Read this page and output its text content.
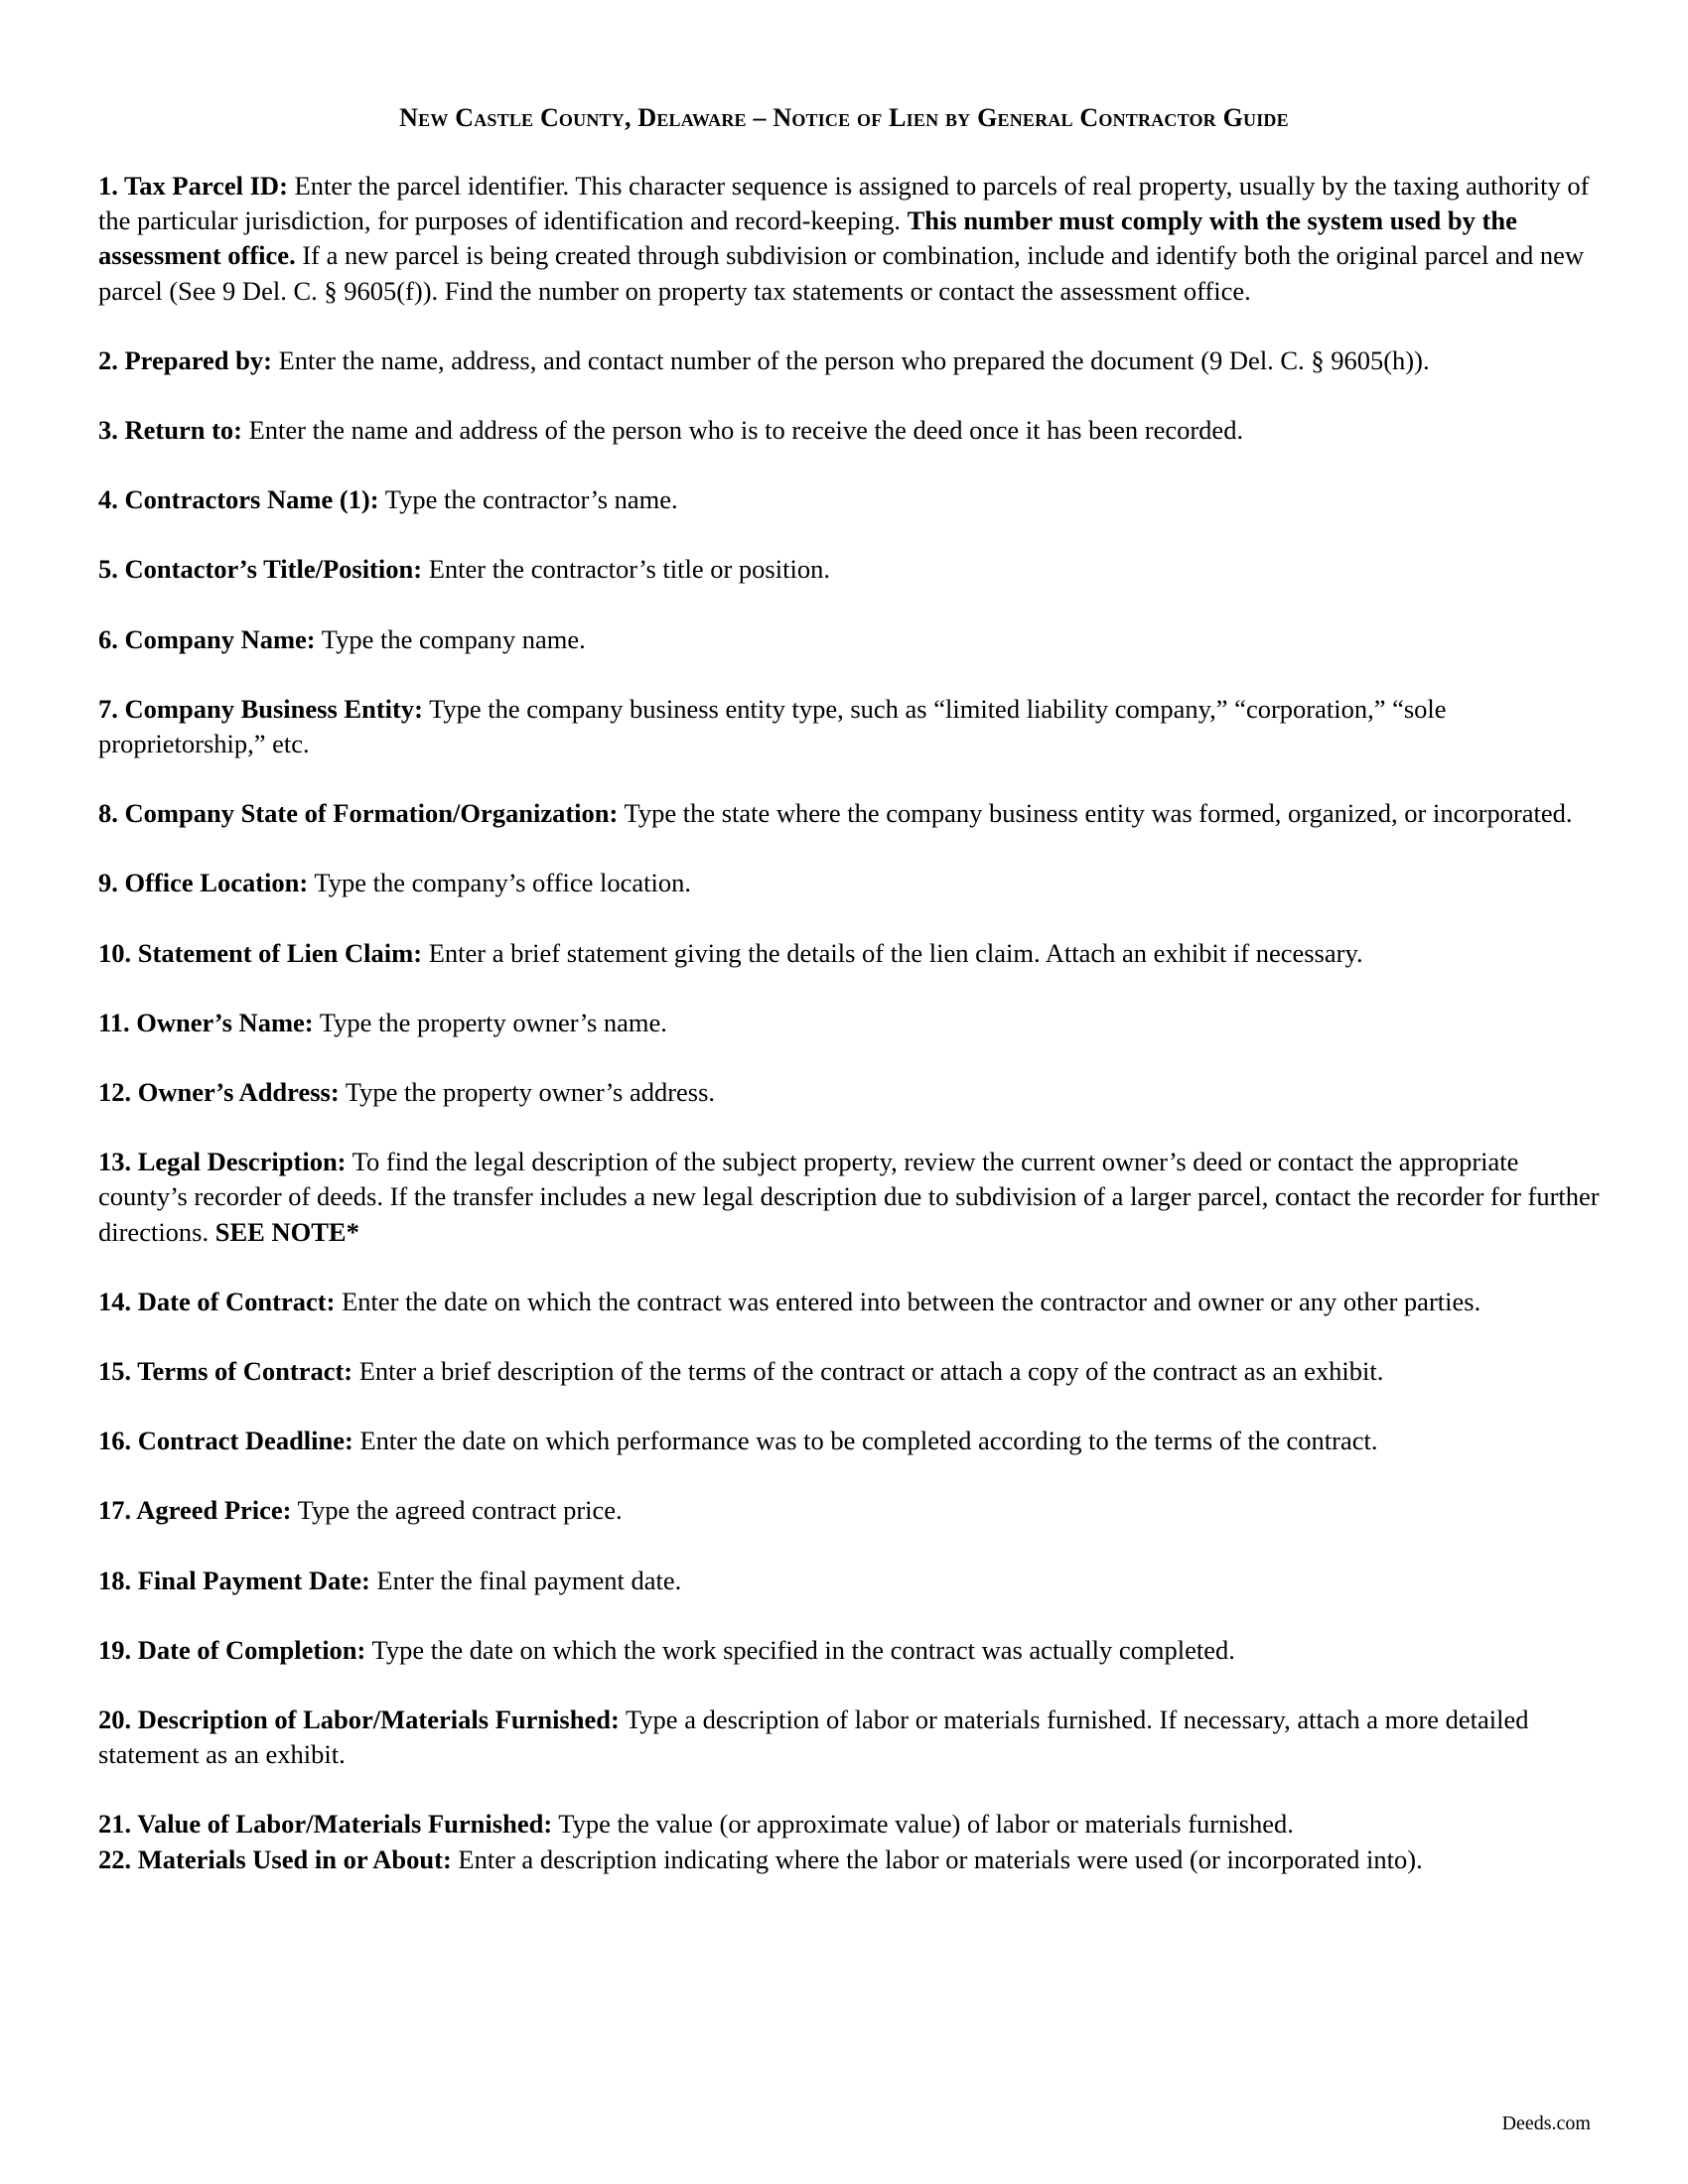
New Castle County, Delaware – Notice of Lien by General Contractor Guide

1. Tax Parcel ID: Enter the parcel identifier. This character sequence is assigned to parcels of real property, usually by the taxing authority of the particular jurisdiction, for purposes of identification and record-keeping. This number must comply with the system used by the assessment office. If a new parcel is being created through subdivision or combination, include and identify both the original parcel and new parcel (See 9 Del. C. § 9605(f)). Find the number on property tax statements or contact the assessment office.

2. Prepared by: Enter the name, address, and contact number of the person who prepared the document (9 Del. C. § 9605(h)).

3. Return to: Enter the name and address of the person who is to receive the deed once it has been recorded.

4. Contractors Name (1): Type the contractor’s name.

5. Contactor’s Title/Position: Enter the contractor’s title or position.

6. Company Name: Type the company name.

7. Company Business Entity: Type the company business entity type, such as “limited liability company,” “corporation,” “sole proprietorship,” etc.

8. Company State of Formation/Organization: Type the state where the company business entity was formed, organized, or incorporated.

9. Office Location: Type the company’s office location.

10. Statement of Lien Claim: Enter a brief statement giving the details of the lien claim. Attach an exhibit if necessary.

11. Owner’s Name: Type the property owner’s name.

12. Owner’s Address: Type the property owner’s address.

13. Legal Description: To find the legal description of the subject property, review the current owner’s deed or contact the appropriate county’s recorder of deeds. If the transfer includes a new legal description due to subdivision of a larger parcel, contact the recorder for further directions. SEE NOTE*

14. Date of Contract: Enter the date on which the contract was entered into between the contractor and owner or any other parties.

15. Terms of Contract: Enter a brief description of the terms of the contract or attach a copy of the contract as an exhibit.

16. Contract Deadline: Enter the date on which performance was to be completed according to the terms of the contract.

17. Agreed Price: Type the agreed contract price.

18. Final Payment Date: Enter the final payment date.

19. Date of Completion: Type the date on which the work specified in the contract was actually completed.

20. Description of Labor/Materials Furnished: Type a description of labor or materials furnished. If necessary, attach a more detailed statement as an exhibit.

21. Value of Labor/Materials Furnished: Type the value (or approximate value) of labor or materials furnished.

22. Materials Used in or About: Enter a description indicating where the labor or materials were used (or incorporated into).

Deeds.com
